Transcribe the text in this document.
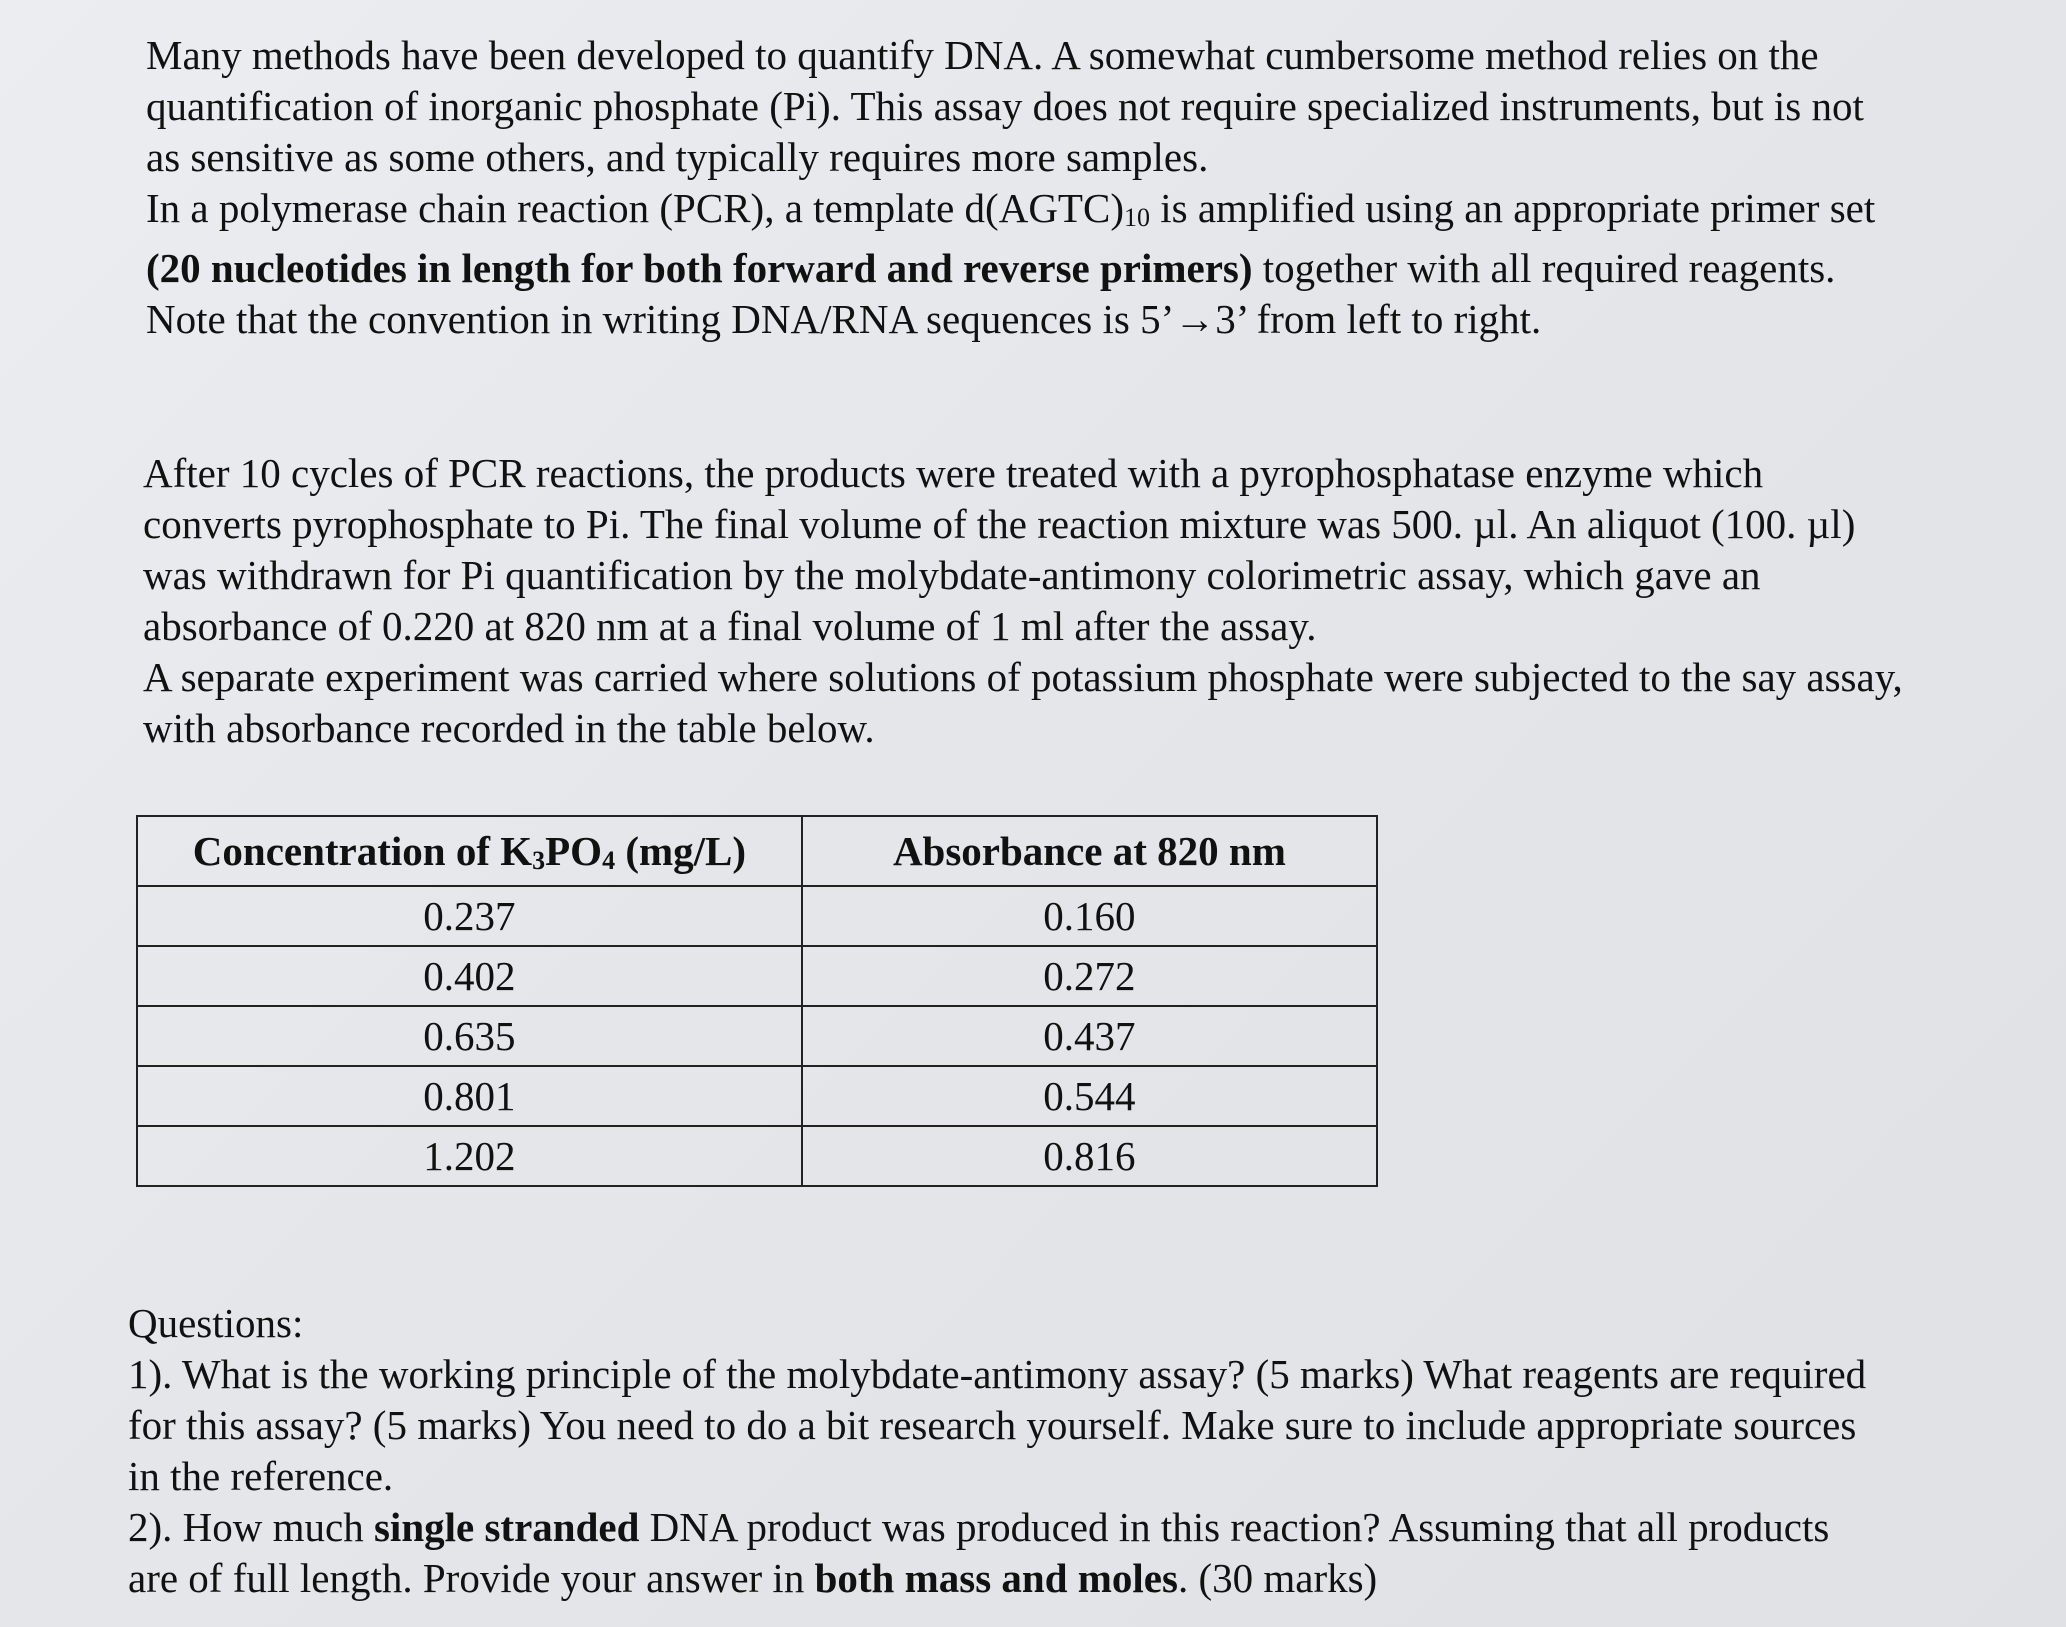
Many methods have been developed to quantify DNA. A somewhat cumbersome method relies on the quantification of inorganic phosphate (Pi). This assay does not require specialized instruments, but is not as sensitive as some others, and typically requires more samples.
In a polymerase chain reaction (PCR), a template $d(AGTC)_{10}$ is amplified using an appropriate primer set (20 nucleotides in length for both forward and reverse primers) together with all required reagents. Note that the convention in writing DNA/RNA sequences is 5’→3’ from left to right.

After 10 cycles of PCR reactions, the products were treated with a pyrophosphatase enzyme which converts pyrophosphate to Pi. The final volume of the reaction mixture was 500. µl. An aliquot (100. µl) was withdrawn for Pi quantification by the molybdate-antimony colorimetric assay, which gave an absorbance of 0.220 at 820 nm at a final volume of 1 ml after the assay.
A separate experiment was carried where solutions of potassium phosphate were subjected to the say assay, with absorbance recorded in the table below.

Concentration of $K_3PO_4$ (mg/L)	Absorbance at 820 nm
0.237	0.160
0.402	0.272
0.635	0.437
0.801	0.544
1.202	0.816

Questions:
1). What is the working principle of the molybdate-antimony assay? (5 marks) What reagents are required for this assay? (5 marks) You need to do a bit research yourself. Make sure to include appropriate sources in the reference.
2). How much single stranded DNA product was produced in this reaction? Assuming that all products are of full length. Provide your answer in both mass and moles. (30 marks)
